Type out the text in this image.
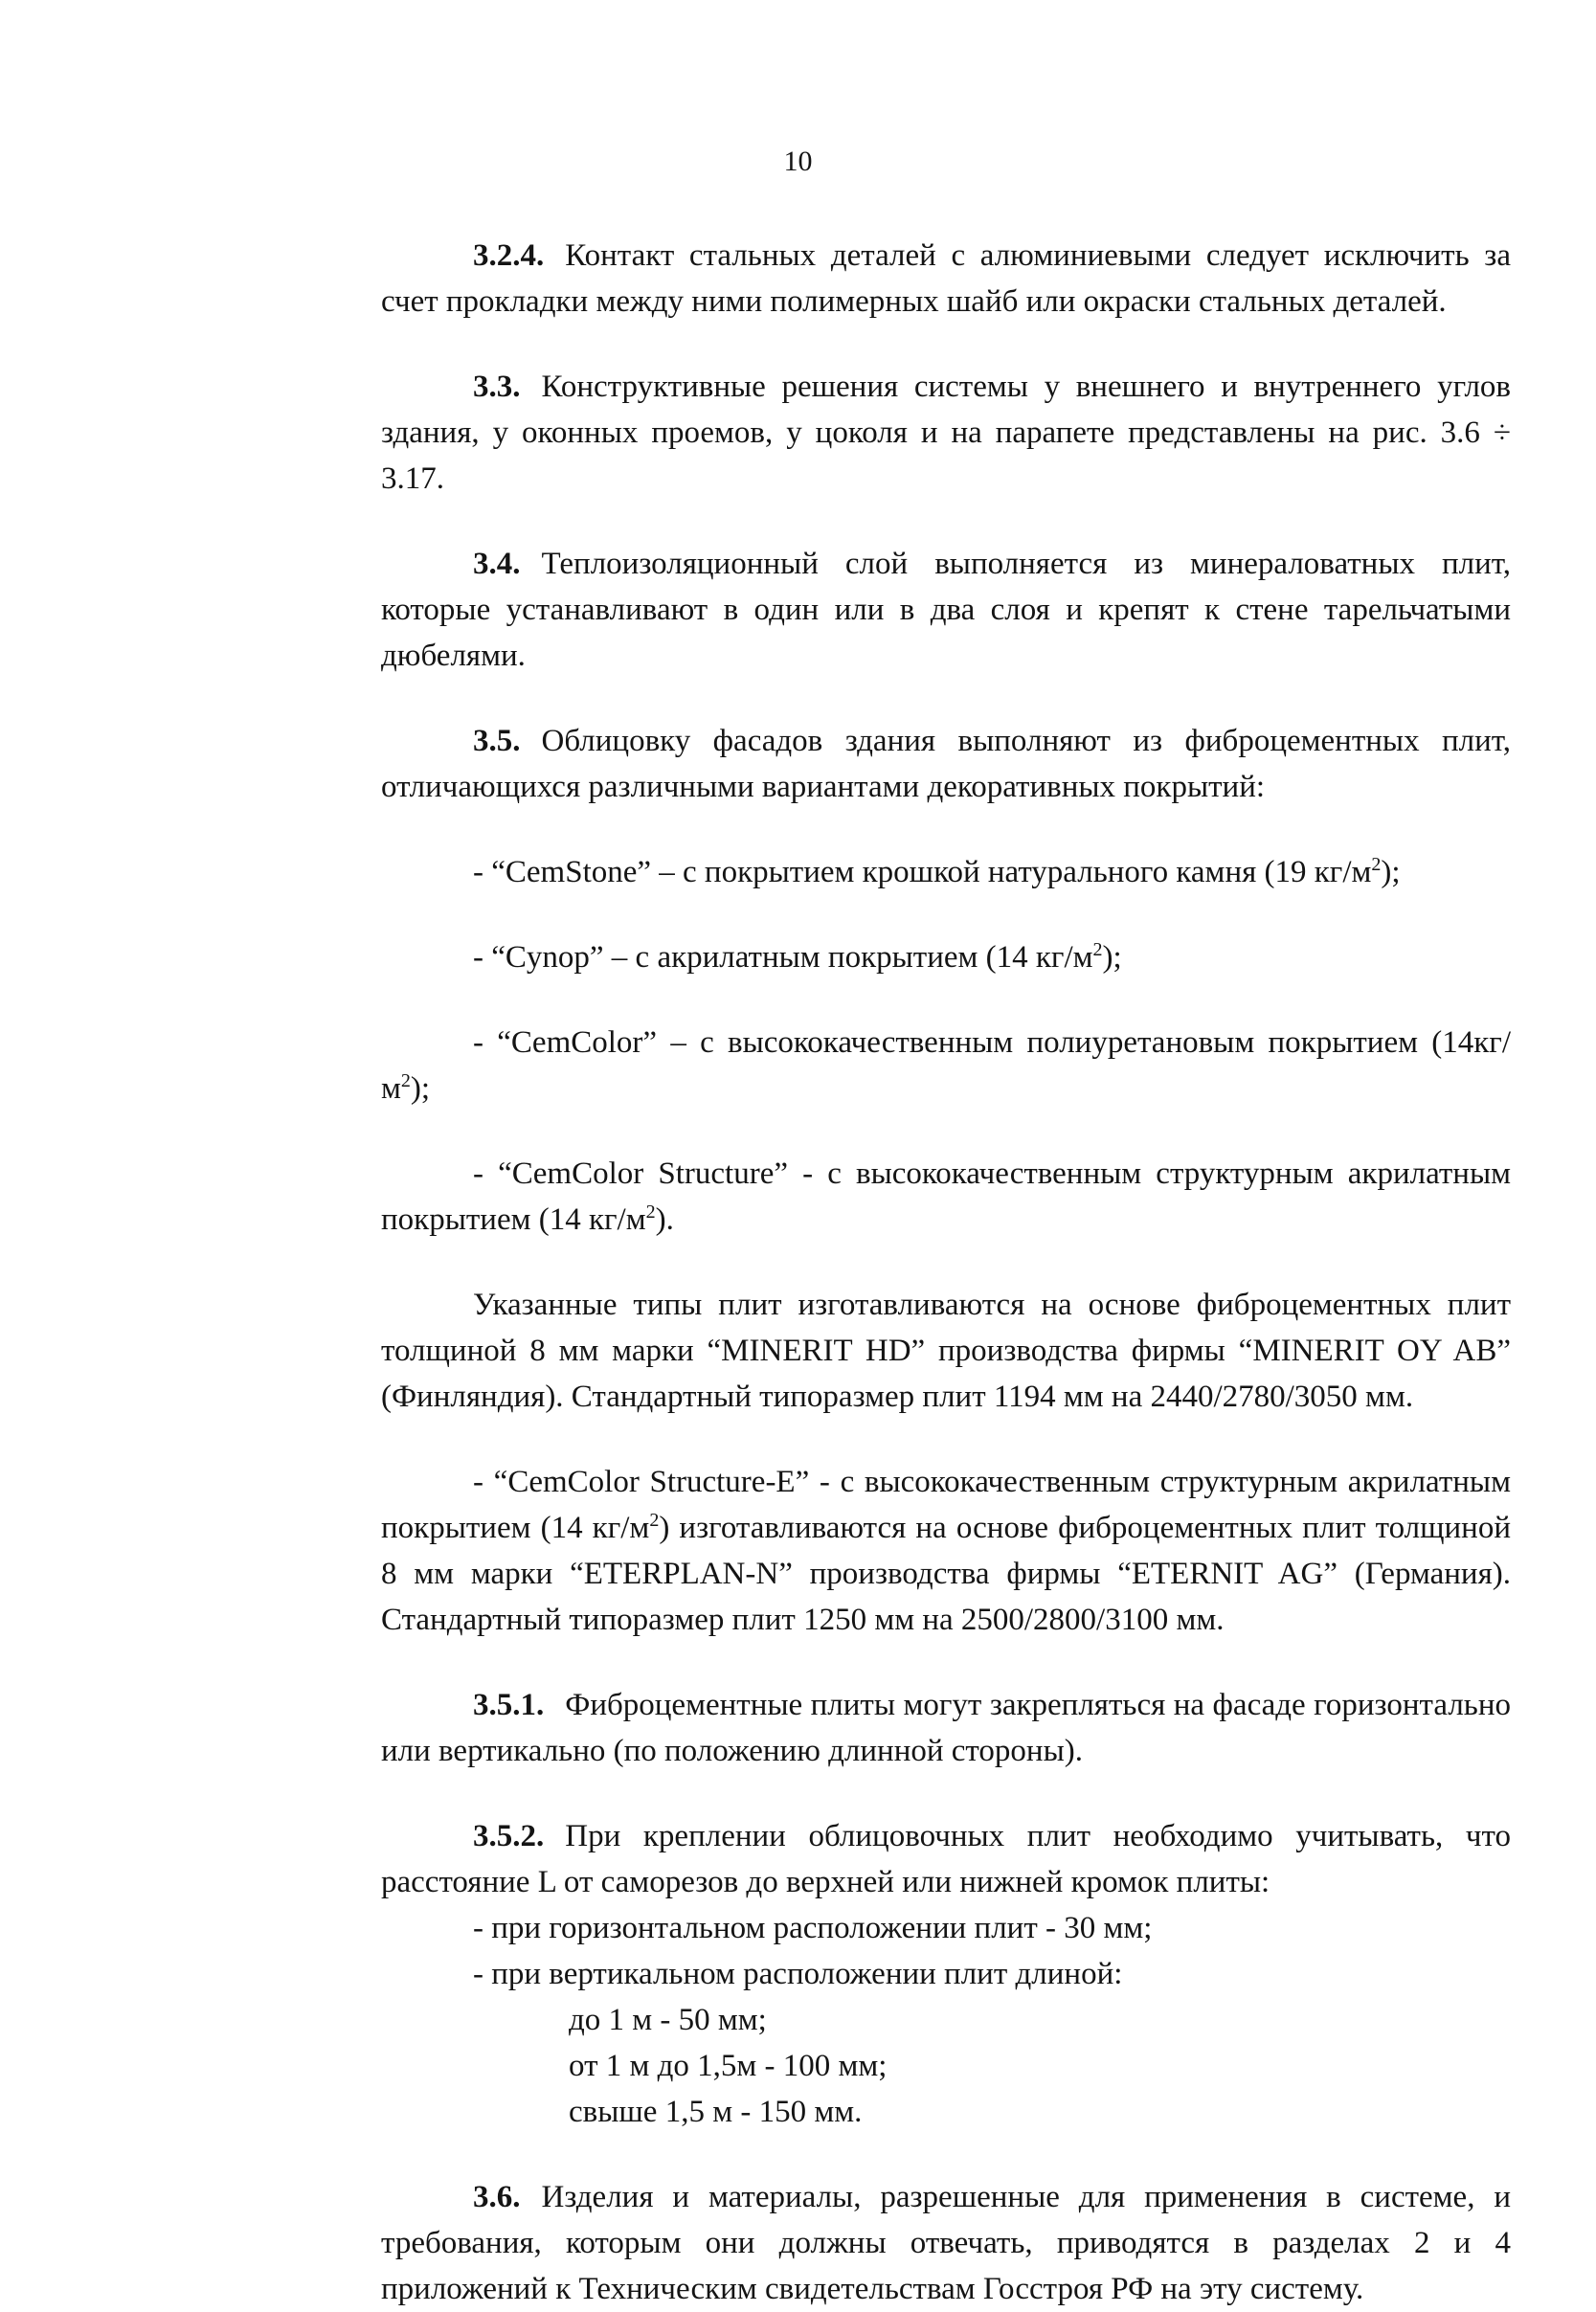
10

3.2.4. Контакт стальных деталей с алюминиевыми следует исключить за счет прокладки между ними полимерных шайб или окраски стальных деталей.

3.3. Конструктивные решения системы у внешнего и внутреннего углов здания, у оконных проемов, у цоколя и на парапете представлены на рис. 3.6 ÷ 3.17.

3.4. Теплоизоляционный слой выполняется из минераловатных плит, которые устанавливают в один или в два слоя и крепят к стене тарельчатыми дюбелями.

3.5. Облицовку фасадов здания выполняют из фиброцементных плит, отличающихся различными вариантами декоративных покрытий:

- “CemStone” – с покрытием крошкой натурального камня (19 $кг/м^2$);

- “Cynop” – с акрилатным покрытием (14 $кг/м^2$);

- “CemColor” – с высококачественным полиуретановым покрытием $(14кг/м^2)$;

- “CemColor Structure” - с высококачественным структурным акрилатным покрытием (14 $кг/м^2$).

Указанные типы плит изготавливаются на основе фиброцементных плит толщиной 8 мм марки “MINERIT HD” производства фирмы “MINERIT OY AB” (Финляндия). Стандартный типоразмер плит 1194 мм на 2440/2780/3050 мм.

- “CemColor Structure-E” - с высококачественным структурным акрилатным покрытием (14 $кг/м^2$) изготавливаются на основе фиброцементных плит толщиной 8 мм марки “ETERPLAN-N” производства фирмы “ETERNIT AG” (Германия). Стандартный типоразмер плит 1250 мм на 2500/2800/3100 мм.

3.5.1. Фиброцементные плиты могут закрепляться на фасаде горизонтально или вертикально (по положению длинной стороны).

3.5.2. При креплении облицовочных плит необходимо учитывать, что расстояние L от саморезов до верхней или нижней кромок плиты:

- при горизонтальном расположении плит - 30 мм;
- при вертикальном расположении плит длиной:
до 1 м - 50 мм;
от 1 м до 1,5м - 100 мм;
свыше 1,5 м - 150 мм.

3.6. Изделия и материалы, разрешенные для применения в системе, и требования, которым они должны отвечать, приводятся в разделах 2 и 4 приложений к Техническим свидетельствам Госстроя РФ на эту систему.
